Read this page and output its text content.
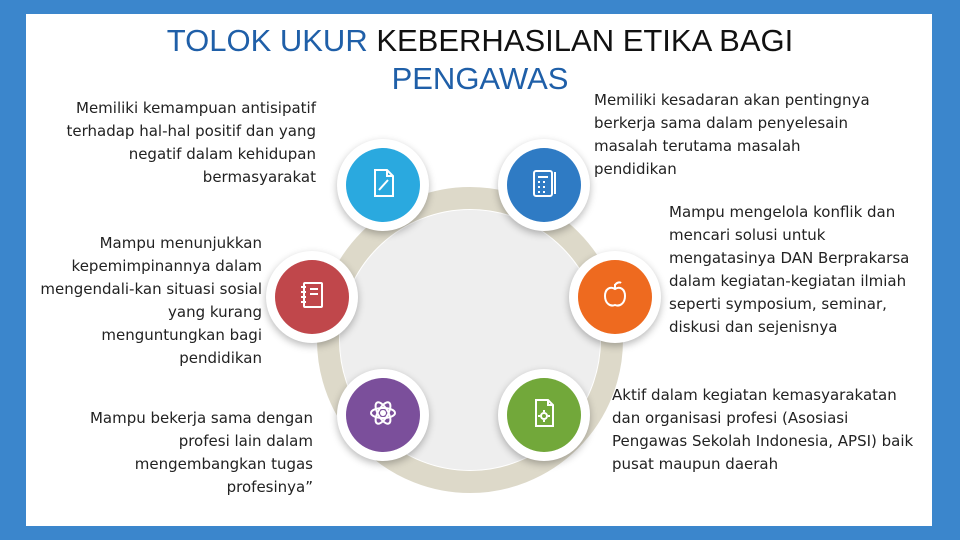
TOLOK UKUR KEBERHASILAN ETIKA BAGI
PENGAWAS
Memiliki kemampuan antisipatif terhadap hal-hal positif dan yang negatif dalam kehidupan bermasyarakat
Memiliki kesadaran akan pentingnya berkerja sama dalam penyelesain masalah terutama masalah pendidikan
Mampu menunjukkan kepemimpinannya dalam mengendali-kan situasi sosial yang kurang menguntungkan bagi pendidikan
Mampu mengelola konflik dan mencari solusi untuk mengatasinya DAN Berprakarsa dalam kegiatan-kegiatan ilmiah seperti symposium, seminar, diskusi dan sejenisnya
Mampu bekerja sama dengan profesi lain dalam mengembangkan tugas profesinya”
Aktif dalam kegiatan kemasyarakatan dan organisasi profesi (Asosiasi Pengawas Sekolah Indonesia, APSI) baik pusat maupun daerah
